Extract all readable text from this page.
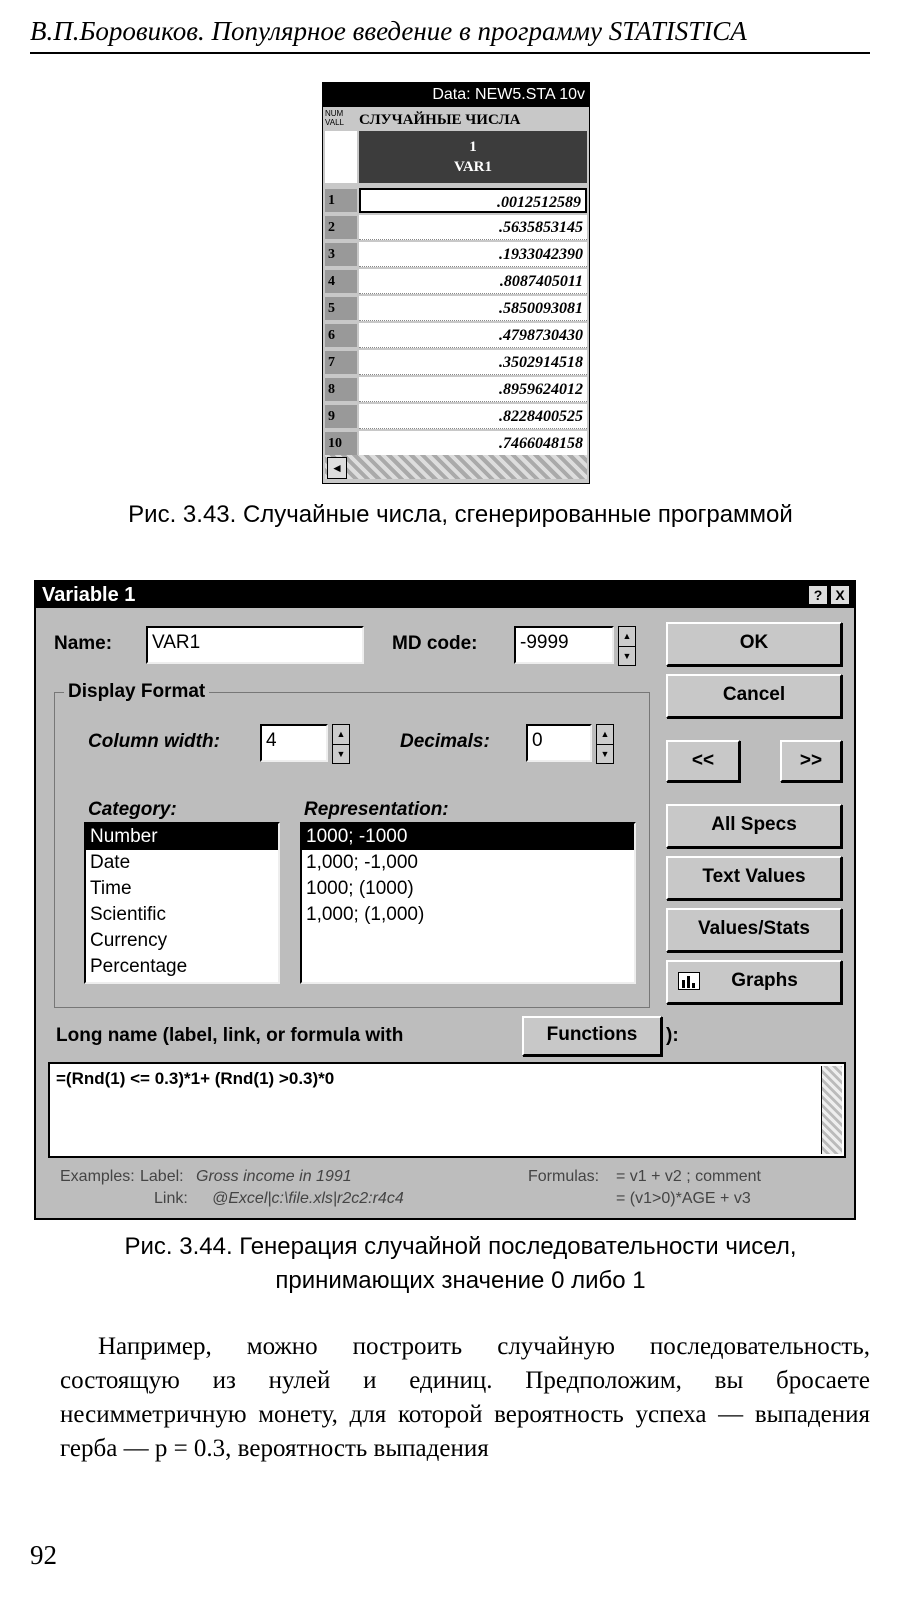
В.П.Боровиков. Популярное введение в программу STATISTICA
Data: NEW5.STA 10v
NUM VALL	СЛУЧАЙНЫЕ ЧИСЛА
1
VAR1
1	.0012512589
2	.5635853145
3	.1933042390
4	.8087405011
5	.5850093081
6	.4798730430
7	.3502914518
8	.8959624012
9	.8228400525
10	.7466048158
◄
Рис. 3.43. Случайные числа, сгенерированные программой
Variable 1	? X
Name:	VAR1	MD code:	-9999	▲
▼
Display Format
Column width:	4	▲
▼
Decimals:	0	▲
▼
Category:
Number
Date
Time
Scientific
Currency
Percentage
Representation:
1000; -1000
1,000; -1,000
1000; (1000)
1,000; (1,000)
OK
Cancel
<<	>>
All Specs
Text Values
Values/Stats
Graphs
Long name (label, link, or formula with	Functions	):
=(Rnd(1) <= 0.3)*1+ (Rnd(1) >0.3)*0
Examples: Label: Gross income in 1991
Link: @Excel|c:\file.xls|r2c2:r4c4
Formulas: = v1 + v2 ; comment
= (v1>0)*AGE + v3
Рис. 3.44. Генерация случайной последовательности чисел,
принимающих значение 0 либо 1
Например, можно построить случайную последовательность, состоящую из нулей и единиц. Предположим, вы бросаете несимметричную монету, для которой вероятность успеха — выпадения герба — p = 0.3, вероятность выпадения
92
